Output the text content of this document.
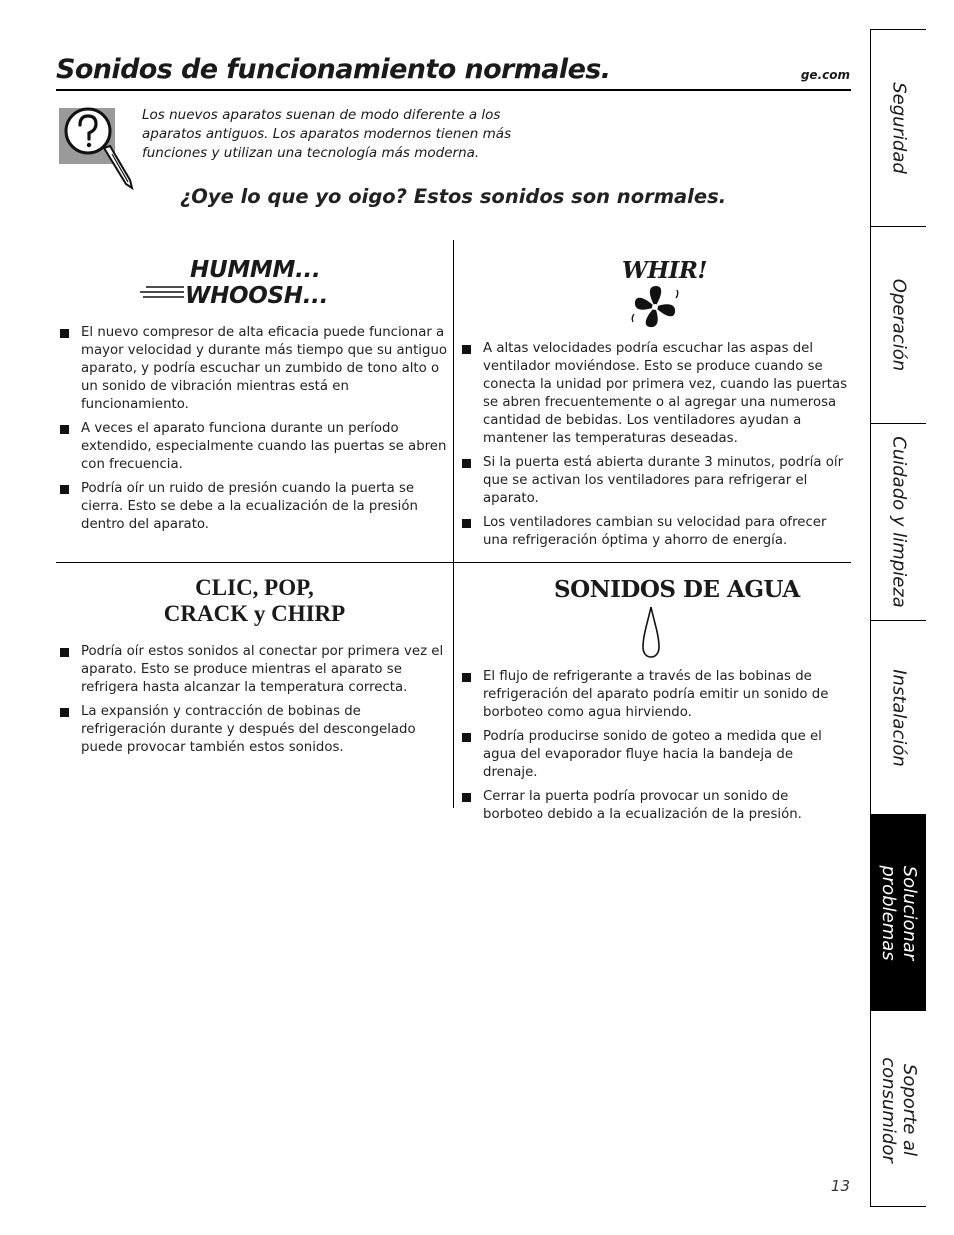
Sonidos de funcionamiento normales.	ge.com
Los nuevos aparatos suenan de modo diferente a los aparatos antiguos. Los aparatos modernos tienen más funciones y utilizan una tecnología más moderna.
¿Oye lo que yo oigo? Estos sonidos son normales.
HUMMM...
WHOOSH...
El nuevo compresor de alta eficacia puede funcionar a mayor velocidad y durante más tiempo que su antiguo aparato, y podría escuchar un zumbido de tono alto o un sonido de vibración mientras está en funcionamiento.
A veces el aparato funciona durante un período extendido, especialmente cuando las puertas se abren con frecuencia.
Podría oír un ruido de presión cuando la puerta se cierra. Esto se debe a la ecualización de la presión dentro del aparato.
WHIR!
A altas velocidades podría escuchar las aspas del ventilador moviéndose. Esto se produce cuando se conecta la unidad por primera vez, cuando las puertas se abren frecuentemente o al agregar una numerosa cantidad de bebidas. Los ventiladores ayudan a mantener las temperaturas deseadas.
Si la puerta está abierta durante 3 minutos, podría oír que se activan los ventiladores para refrigerar el aparato.
Los ventiladores cambian su velocidad para ofrecer una refrigeración óptima y ahorro de energía.
CLIC, POP,
CRACK y CHIRP
Podría oír estos sonidos al conectar por primera vez el aparato. Esto se produce mientras el aparato se refrigera hasta alcanzar la temperatura correcta.
La expansión y contracción de bobinas de refrigeración durante y después del descongelado puede provocar también estos sonidos.
SONIDOS DE AGUA
El flujo de refrigerante a través de las bobinas de refrigeración del aparato podría emitir un sonido de borboteo como agua hirviendo.
Podría producirse sonido de goteo a medida que el agua del evaporador fluye hacia la bandeja de drenaje.
Cerrar la puerta podría provocar un sonido de borboteo debido a la ecualización de la presión.
Seguridad
Operación
Cuidado y limpieza
Instalación
Solucionar
problemas
Soporte al
consumidor
13
